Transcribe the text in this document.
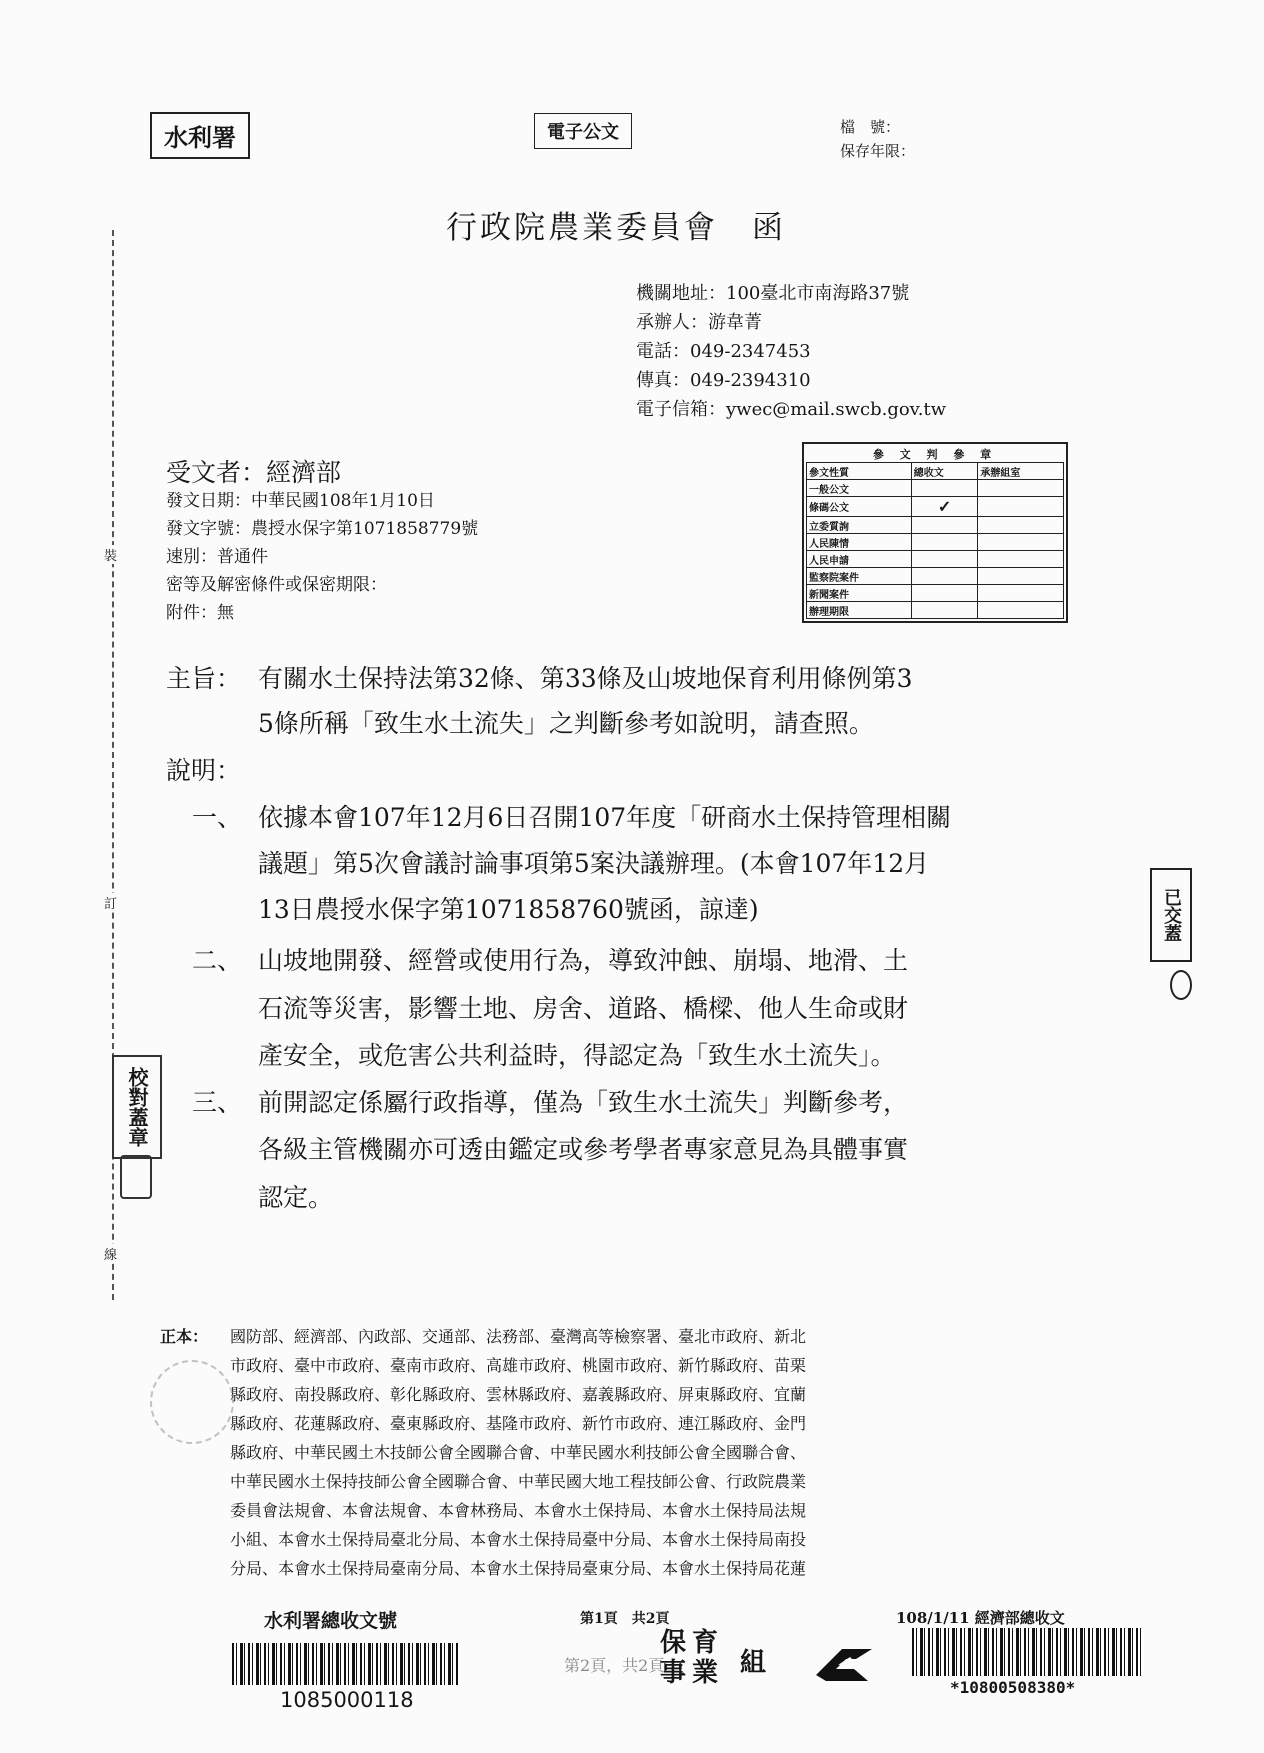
水利署	電子公文	檔　號：
保存年限：
行政院農業委員會　函
機關地址：100臺北市南海路37號
承辦人：游韋菁
電話：049-2347453
傳真：049-2394310
電子信箱：ywec@mail.swcb.gov.tw
受文者：經濟部
發文日期：中華民國108年1月10日
發文字號：農授水保字第1071858779號
速別：普通件
密等及解密條件或保密期限：
附件：無
參 文 判 參 章
參文性質	總收文	承辦組室
一般公文		
條碼公文	✓	
立委質詢		
人民陳情		
人民申請		
監察院案件		
新聞案件		
辦理期限		
主旨： 有關水土保持法第32條、第33條及山坡地保育利用條例第3
5條所稱「致生水土流失」之判斷參考如說明，請查照。
說明：
一、 依據本會107年12月6日召開107年度「研商水土保持管理相關
議題」第5次會議討論事項第5案決議辦理。(本會107年12月
13日農授水保字第1071858760號函，諒達)
二、 山坡地開發、經營或使用行為，導致沖蝕、崩塌、地滑、土
石流等災害，影響土地、房舍、道路、橋樑、他人生命或財
產安全，或危害公共利益時，得認定為「致生水土流失」。
三、 前開認定係屬行政指導，僅為「致生水土流失」判斷參考，
各級主管機關亦可透由鑑定或參考學者專家意見為具體事實
認定。
正本： 國防部、經濟部、內政部、交通部、法務部、臺灣高等檢察署、臺北市政府、新北
市政府、臺中市政府、臺南市政府、高雄市政府、桃園市政府、新竹縣政府、苗栗
縣政府、南投縣政府、彰化縣政府、雲林縣政府、嘉義縣政府、屏東縣政府、宜蘭
縣政府、花蓮縣政府、臺東縣政府、基隆市政府、新竹市政府、連江縣政府、金門
縣政府、中華民國土木技師公會全國聯合會、中華民國水利技師公會全國聯合會、
中華民國水土保持技師公會全國聯合會、中華民國大地工程技師公會、行政院農業
委員會法規會、本會法規會、本會林務局、本會水土保持局、本會水土保持局法規
小組、本會水土保持局臺北分局、本會水土保持局臺中分局、本會水土保持局南投
分局、本會水土保持局臺南分局、本會水土保持局臺東分局、本會水土保持局花蓮
裝
訂
線
校對蓋章
已交蓋
水利署總收文號
1085000118
第1頁　共2頁
第2頁，共2頁
保育
事業 組
108/1/11 經濟部總收文
*10800508380*
